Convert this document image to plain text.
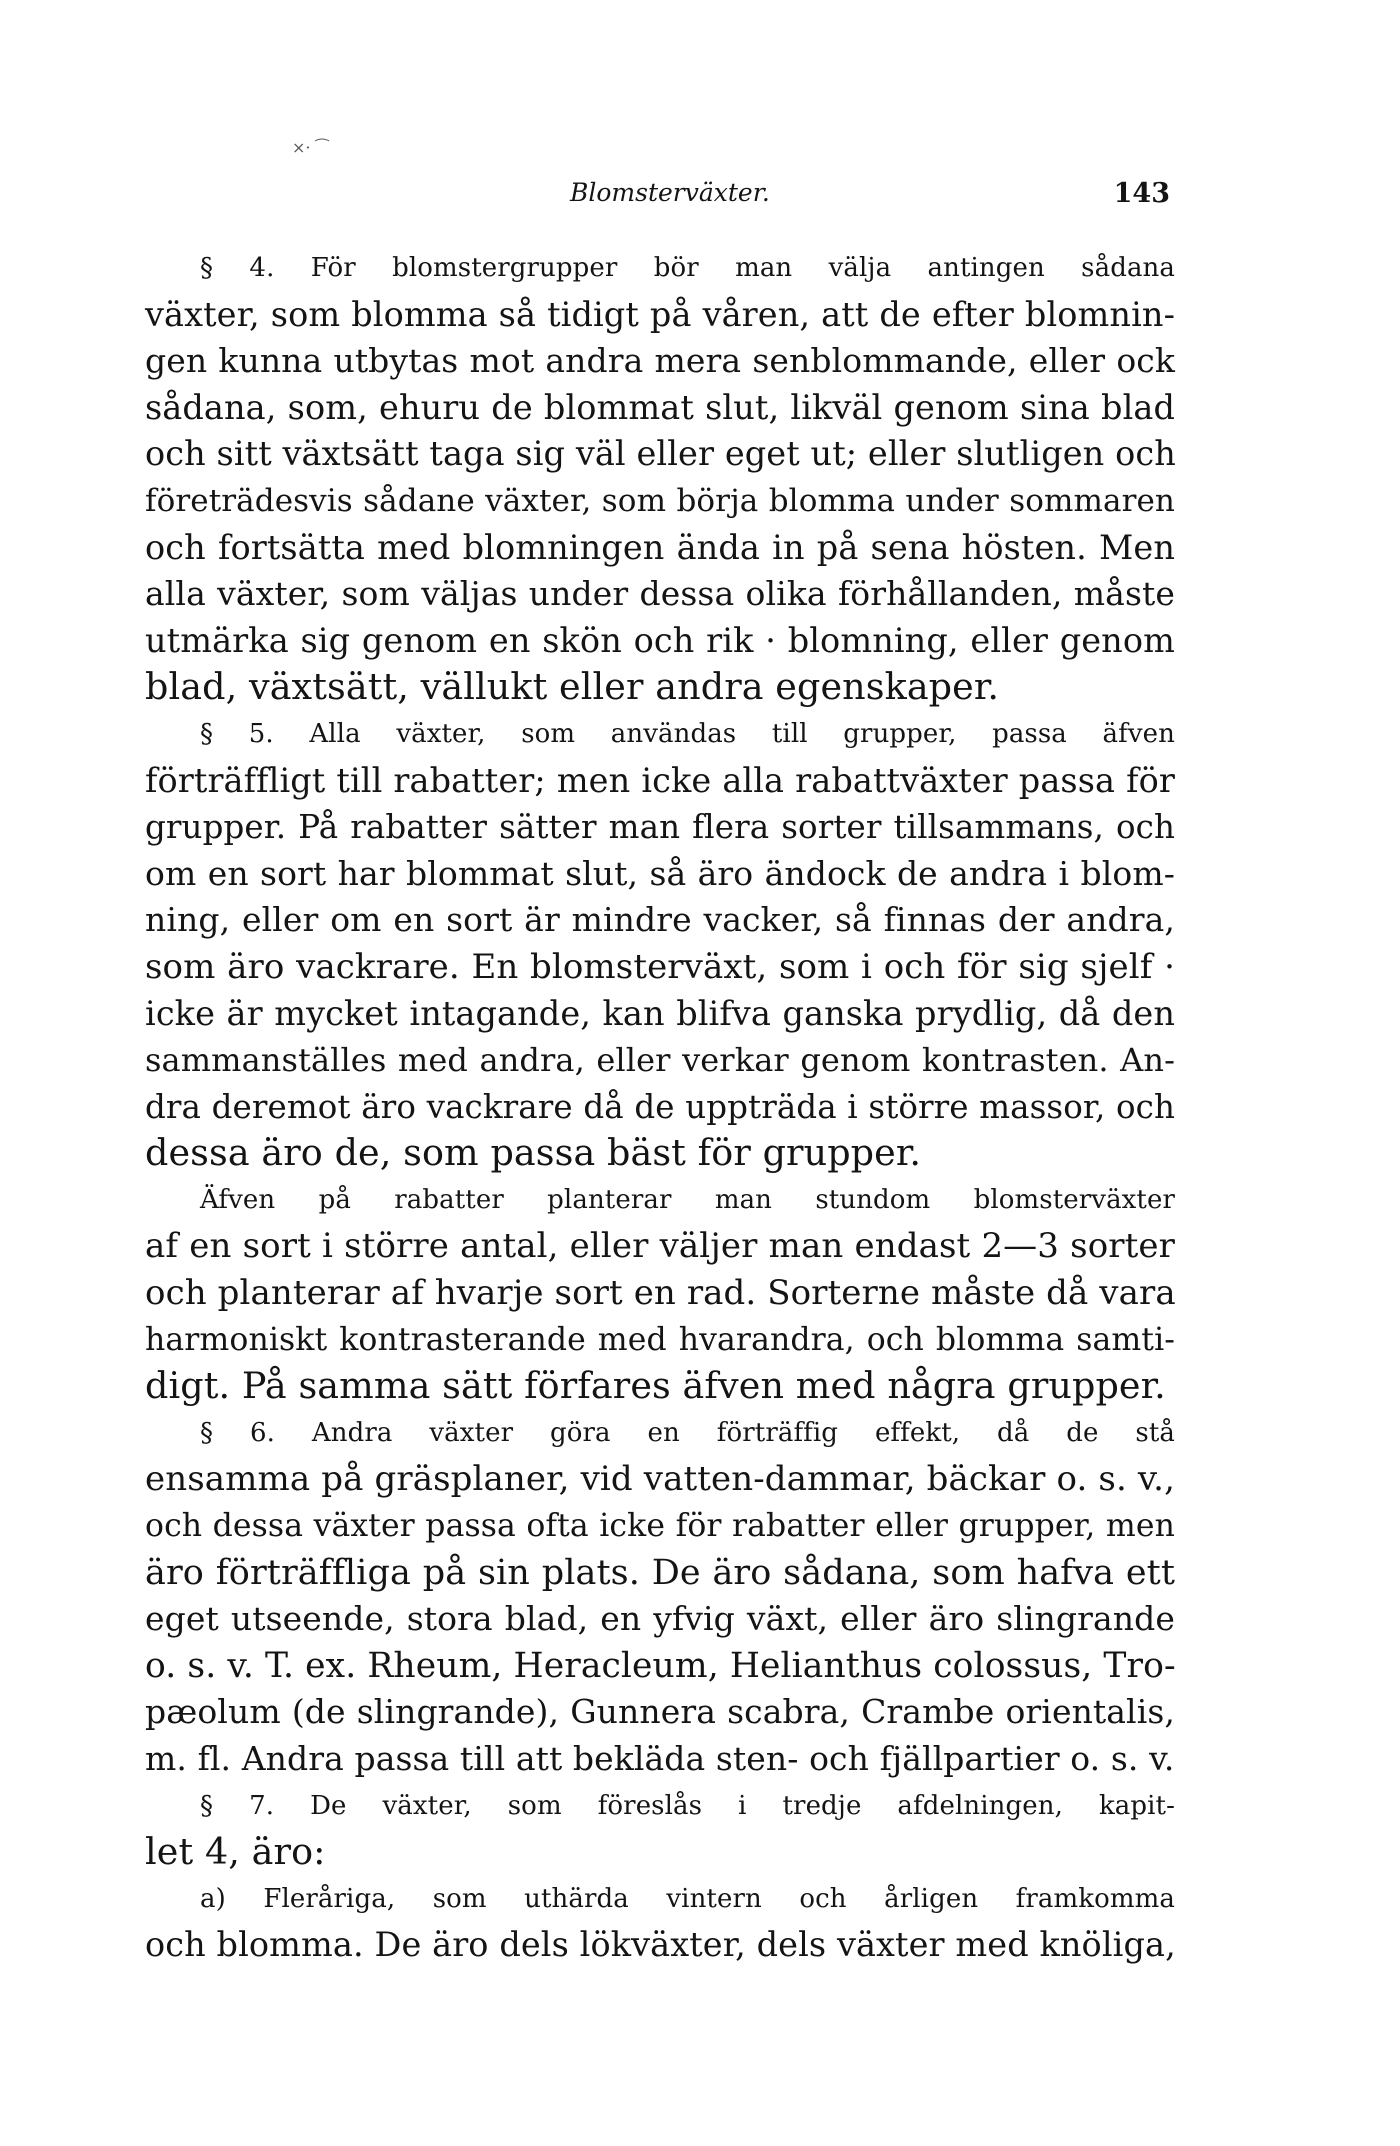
×· ⁀
Blomsterväxter.	143
§ 4. För blomstergrupper bör man välja antingen sådana
växter, som blomma så tidigt på våren, att de efter blomnin-
gen kunna utbytas mot andra mera senblommande, eller ock
sådana, som, ehuru de blommat slut, likväl genom sina blad
och sitt växtsätt taga sig väl eller eget ut; eller slutligen och
företrädesvis sådane växter, som börja blomma under sommaren
och fortsätta med blomningen ända in på sena hösten. Men
alla växter, som väljas under dessa olika förhållanden, måste
utmärka sig genom en skön och rik · blomning, eller genom
blad, växtsätt, vällukt eller andra egenskaper.
§ 5. Alla växter, som användas till grupper, passa äfven
förträffligt till rabatter; men icke alla rabattväxter passa för
grupper. På rabatter sätter man flera sorter tillsammans, och
om en sort har blommat slut, så äro ändock de andra i blom-
ning, eller om en sort är mindre vacker, så finnas der andra,
som äro vackrare. En blomsterväxt, som i och för sig sjelf ·
icke är mycket intagande, kan blifva ganska prydlig, då den
sammanställes med andra, eller verkar genom kontrasten. An-
dra deremot äro vackrare då de uppträda i större massor, och
dessa äro de, som passa bäst för grupper.
Äfven på rabatter planterar man stundom blomsterväxter
af en sort i större antal, eller väljer man endast 2—3 sorter
och planterar af hvarje sort en rad. Sorterne måste då vara
harmoniskt kontrasterande med hvarandra, och blomma samti-
digt. På samma sätt förfares äfven med några grupper.
§ 6. Andra växter göra en förträffig effekt, då de stå
ensamma på gräsplaner, vid vatten-dammar, bäckar o. s. v.,
och dessa växter passa ofta icke för rabatter eller grupper, men
äro förträffliga på sin plats. De äro sådana, som hafva ett
eget utseende, stora blad, en yfvig växt, eller äro slingrande
o. s. v. T. ex. Rheum, Heracleum, Helianthus colossus, Tro-
pæolum (de slingrande), Gunnera scabra, Crambe orientalis,
m. fl. Andra passa till att bekläda sten- och fjällpartier o. s. v.
§ 7. De växter, som föreslås i tredje afdelningen, kapit-
let 4, äro:
a) Fleråriga, som uthärda vintern och årligen framkomma
och blomma. De äro dels lökväxter, dels växter med knöliga,
